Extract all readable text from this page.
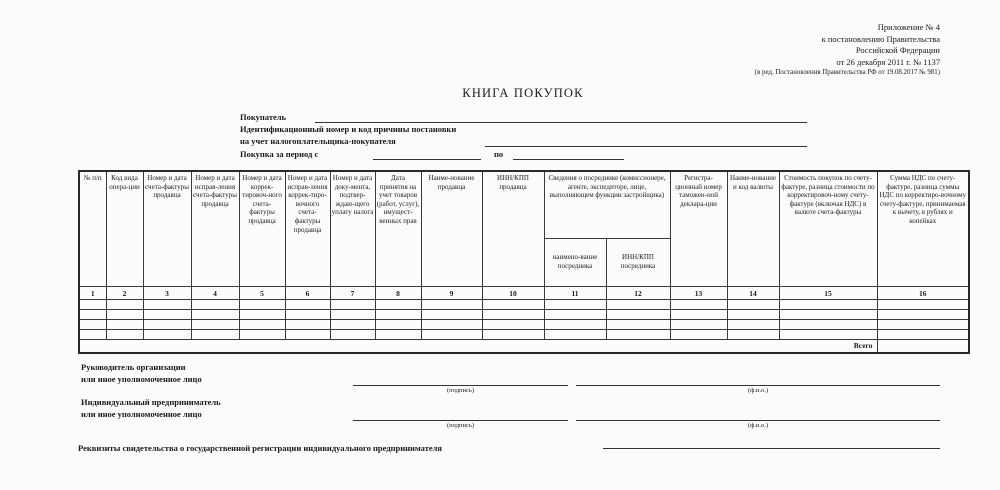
Приложение № 4
к постановлению Правительства
Российской Федерации
от 26 декабря 2011 г. № 1137
(в ред. Постановления Правительства РФ от 19.08.2017 № 981)
КНИГА ПОКУПОК
Покупатель
Идентификационный номер и код причины постановки
на учет налогоплательщика-покупателя
Покупка за период с	по
№ п/п	Код вида опера-ции	Номер и дата счета-фактуры продавца	Номер и дата исправ-ления счета-фактуры продавца	Номер и дата коррек-тировоч-ного счета-фактуры продавца	Номер и дата исправ-ления коррек-тиро-вочного счета-фактуры продавца	Номер и дата доку-мента, подтвер-ждаю-щего уплату налога	Дата принятия на учет товаров (работ, услуг), имущест-венных прав	Наиме-нование продавца	ИНН/КПП продавца	Сведения о посреднике (комиссионере, агенте, экспедиторе, лице, выполняющем функции застройщика)		Регистра-ционный номер таможен-ной деклара-ции	Наиме-нование и код валюты	Стоимость покупок по счету-фактуре, разница стоимости по корректировоч-ному счету-фактуре (включая НДС) в валюте счета-фактуры	Сумма НДС по счету-фактуре, разница суммы НДС по корректиро-вочному счету-фактуре, принимаемая к вычету, в рублях и копейках
										наимено-вание посредника	ИНН/КПП посредника				
1	2	3	4	5	6	7	8	9	10	11	12	13	14	15	16

Всего															
Руководитель организации
или иное уполномоченное лицо
(подпись)	(ф.и.о.)
Индивидуальный предприниматель
или иное уполномоченное лицо
(подпись)	(ф.и.о.)
Реквизиты свидетельства о государственной регистрации индивидуального предпринимателя
